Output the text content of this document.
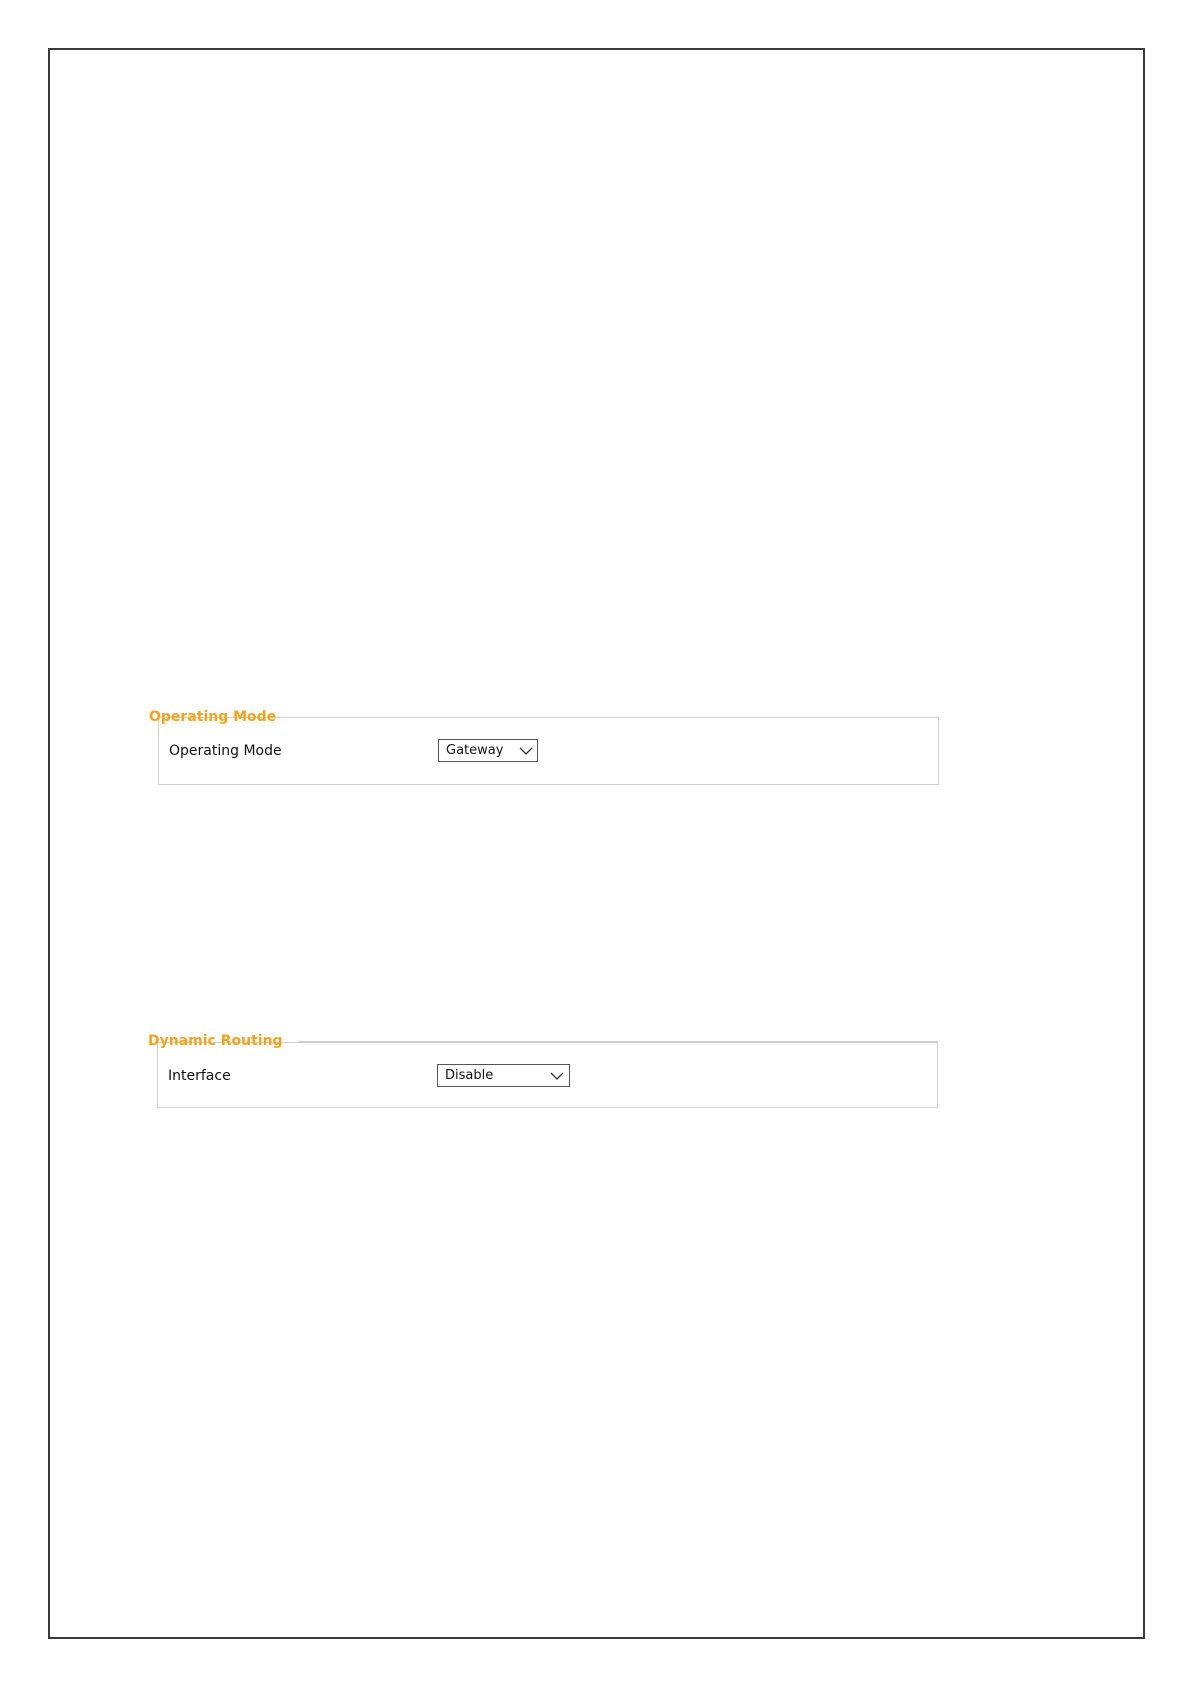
Operating Mode
Operating Mode	Gateway
Dynamic Routing
Interface	Disable
